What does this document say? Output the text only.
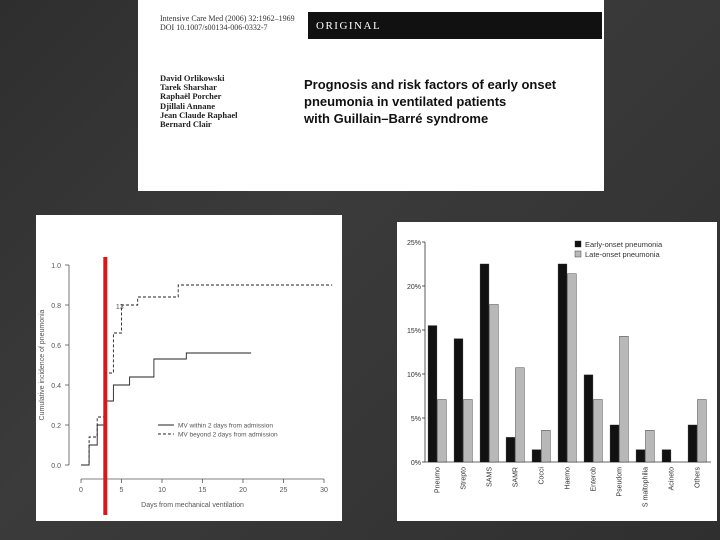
Intensive Care Med (2006) 32:1962–1969
DOI 10.1007/s00134-006-0332-7	ORIGINAL
David Orlikowski
Tarek Sharshar
Raphaël Porcher
Djillali Annane
Jean Claude Raphael
Bernard Clair
Prognosis and risk factors of early onset
pneumonia in ventilated patients
with Guillain–Barré syndrome
0.0
0.2
0.4
0.6
0.8
1.0
0	5	10	15	20	25	30
Days from mechanical ventilation
Cumulative incidence of pneumonia
13
MV within 2 days from admission
MV beyond 2 days from admission
0%
5%
10%
15%
20%
25%
Pneumo	Strepto	SAMS	SAMR	Cocci	Haemo	Enterob	Pseudom	S maltophilia	Acineto	Others
Early-onset pneumonia
Late-onset pneumonia
